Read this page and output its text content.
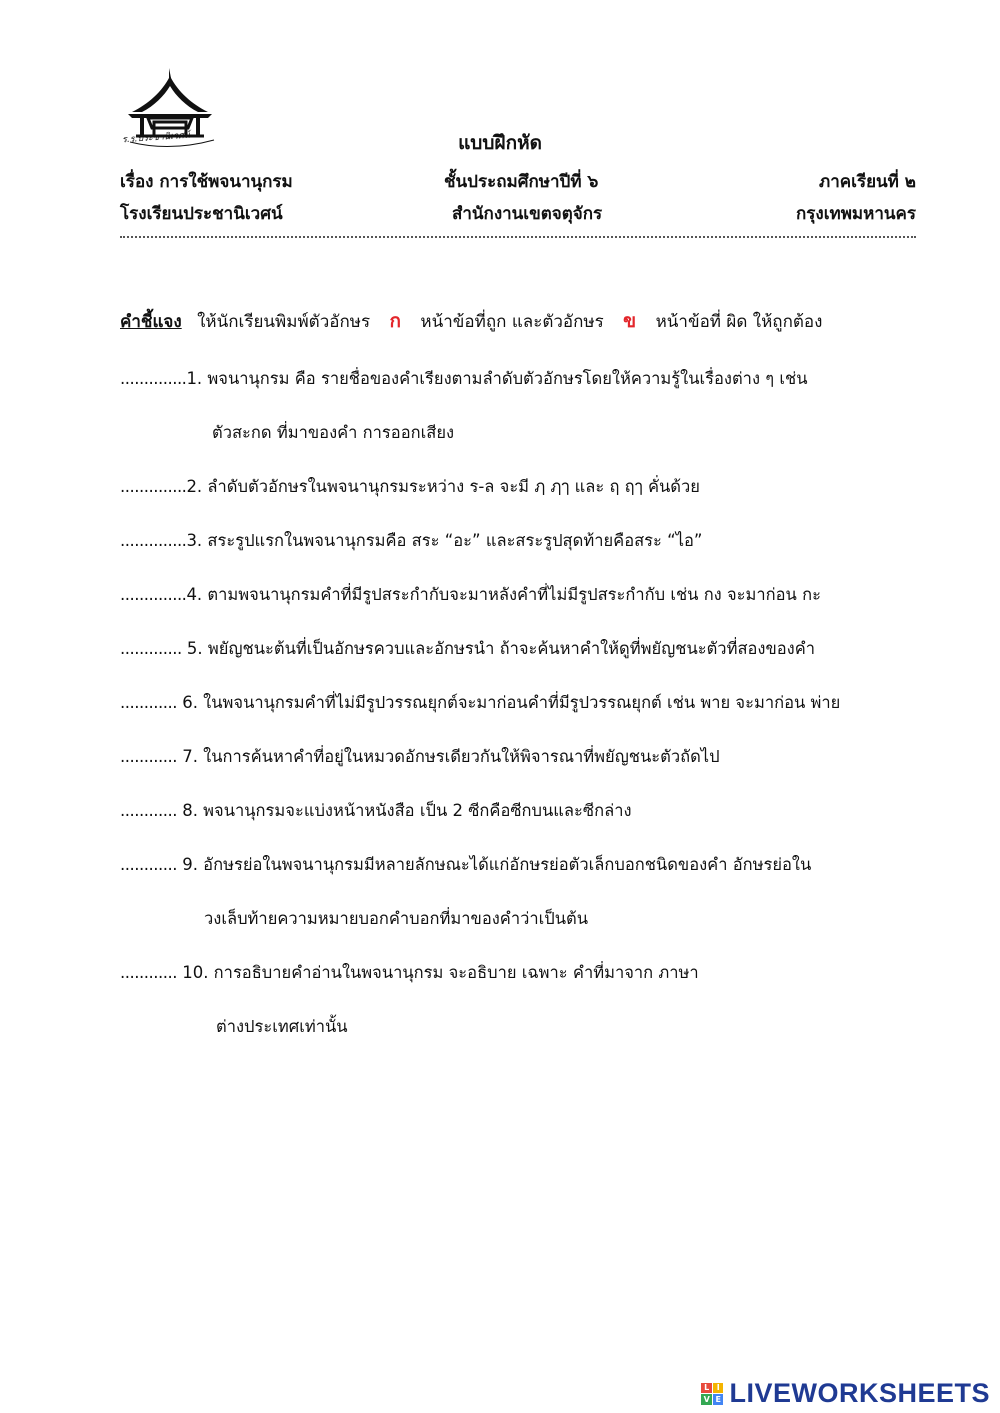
ร.ร.ประชานิเวศน์	แบบฝึกหัด
เรื่อง การใช้พจนานุกรม	ชั้นประถมศึกษาปีที่ ๖	ภาคเรียนที่ ๒
โรงเรียนประชานิเวศน์	สำนักงานเขตจตุจักร	กรุงเทพมหานคร
คำชี้แจง ให้นักเรียนพิมพ์ตัวอักษร ก หน้าข้อที่ถูก และตัวอักษร ข หน้าข้อที่ ผิด ให้ถูกต้อง
..............1. พจนานุกรม คือ รายชื่อของคำเรียงตามลำดับตัวอักษรโดยให้ความรู้ในเรื่องต่าง ๆ เช่น
ตัวสะกด ที่มาของคำ การออกเสียง
..............2. ลำดับตัวอักษรในพจนานุกรมระหว่าง ร-ล จะมี ฦ ฦๅ และ ฤ ฤๅ คั่นด้วย
..............3. สระรูปแรกในพจนานุกรมคือ สระ “อะ” และสระรูปสุดท้ายคือสระ “ไอ”
..............4. ตามพจนานุกรมคำที่มีรูปสระกำกับจะมาหลังคำที่ไม่มีรูปสระกำกับ เช่น กง จะมาก่อน กะ
............. 5. พยัญชนะต้นที่เป็นอักษรควบและอักษรนำ ถ้าจะค้นหาคำให้ดูที่พยัญชนะตัวที่สองของคำ
............ 6. ในพจนานุกรมคำที่ไม่มีรูปวรรณยุกต์จะมาก่อนคำที่มีรูปวรรณยุกต์ เช่น พาย จะมาก่อน พ่าย
............ 7. ในการค้นหาคำที่อยู่ในหมวดอักษรเดียวกันให้พิจารณาที่พยัญชนะตัวถัดไป
............ 8. พจนานุกรมจะแบ่งหน้าหนังสือ เป็น 2 ซีกคือซีกบนและซีกล่าง
............ 9. อักษรย่อในพจนานุกรมมีหลายลักษณะได้แก่อักษรย่อตัวเล็กบอกชนิดของคำ อักษรย่อใน
วงเล็บท้ายความหมายบอกคำบอกที่มาของคำว่าเป็นต้น
............ 10. การอธิบายคำอ่านในพจนานุกรม จะอธิบาย เฉพาะ คำที่มาจาก ภาษา
ต่างประเทศเท่านั้น
L I
V E LIVEWORKSHEETS
